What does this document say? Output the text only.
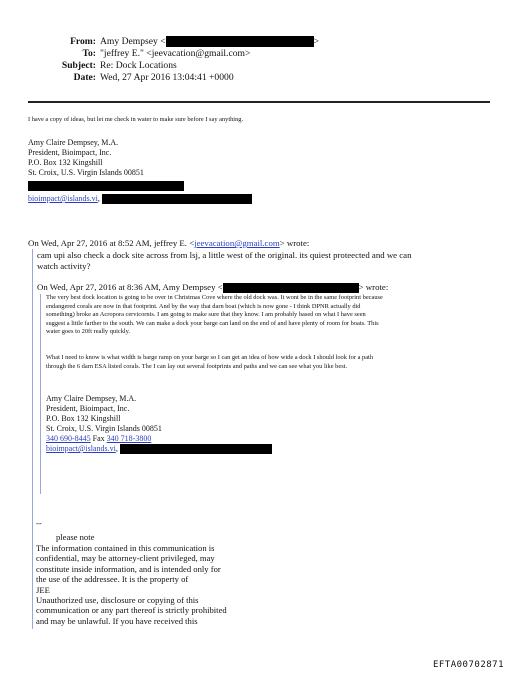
From: Amy Dempsey <	>
To: "jeffrey E." <jeevacation@gmail.com>
Subject: Re: Dock Locations
Date: Wed, 27 Apr 2016 13:04:41 +0000
I have a copy of ideas, but let me check in water to make sure before I say anything.
Amy Claire Dempsey, M.A.
President, Bioimpact, Inc.
P.O. Box 132 Kingshill
St. Croix, U.S. Virgin Islands 00851
bioimpact@islands.vi,
On Wed, Apr 27, 2016 at 8:52 AM, jeffrey E. <jeevacation@gmail.com> wrote:
cam upi also check a dock site across from lsj, a little west of the original. its quiest proteected and we can
watch activity?
On Wed, Apr 27, 2016 at 8:36 AM, Amy Dempsey <	> wrote:
The very best dock location is going to be over in Christmas Cove where the old dock was. It wont be in the same footprint because
endangered corals are now in that footprint. And by the way that darn boat (which is now gone - I think DPNR actually did
something) broke an Acropora cervicornis. I am going to make sure that they know. I am probably based on what I have seen
suggest a little farther to the south. We can make a dock your barge can land on the end of and have plenty of room for boats. This
water goes to 20ft really quickly.
What I need to know is what width is barge ramp on your barge so I can get an idea of how wide a dock I should look for a path
through the 6 darn ESA listed corals. The I can lay out several footprints and paths and we can see what you like best.
Amy Claire Dempsey, M.A.
President, Bioimpact, Inc.
P.O. Box 132 Kingshill
St. Croix, U.S. Virgin Islands 00851
340 690-8445 Fax 340 718-3800
bioimpact@islands.vi,
--
please note
The information contained in this communication is
confidential, may be attorney-client privileged, may
constitute inside information, and is intended only for
the use of the addressee. It is the property of
JEE
Unauthorized use, disclosure or copying of this
communication or any part thereof is strictly prohibited
and may be unlawful. If you have received this
EFTA00702871
